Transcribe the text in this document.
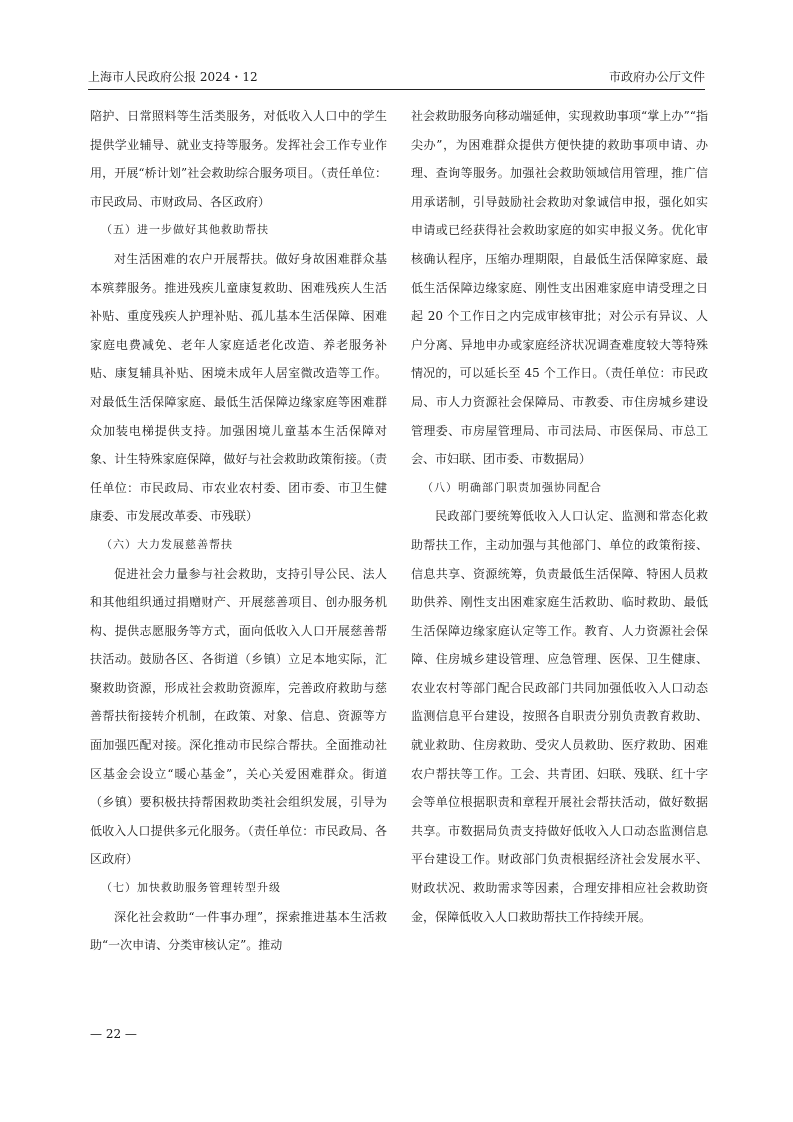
上海市人民政府公报 2024・12	市政府办公厅文件

陪护、日常照料等生活类服务，对低收入人口中的学生提供学业辅导、就业支持等服务。发挥社会工作专业作用，开展“桥计划”社会救助综合服务项目。（责任单位：市民政局、市财政局、各区政府）

（五）进一步做好其他救助帮扶

对生活困难的农户开展帮扶。做好身故困难群众基本殡葬服务。推进残疾儿童康复救助、困难残疾人生活补贴、重度残疾人护理补贴、孤儿基本生活保障、困难家庭电费减免、老年人家庭适老化改造、养老服务补贴、康复辅具补贴、困境未成年人居室微改造等工作。对最低生活保障家庭、最低生活保障边缘家庭等困难群众加装电梯提供支持。加强困境儿童基本生活保障对象、计生特殊家庭保障，做好与社会救助政策衔接。（责任单位：市民政局、市农业农村委、团市委、市卫生健康委、市发展改革委、市残联）

（六）大力发展慈善帮扶

促进社会力量参与社会救助，支持引导公民、法人和其他组织通过捐赠财产、开展慈善项目、创办服务机构、提供志愿服务等方式，面向低收入人口开展慈善帮扶活动。鼓励各区、各街道（乡镇）立足本地实际，汇聚救助资源，形成社会救助资源库，完善政府救助与慈善帮扶衔接转介机制，在政策、对象、信息、资源等方面加强匹配对接。深化推动市民综合帮扶。全面推动社区基金会设立“暖心基金”，关心关爱困难群众。街道（乡镇）要积极扶持帮困救助类社会组织发展，引导为低收入人口提供多元化服务。（责任单位：市民政局、各区政府）

（七）加快救助服务管理转型升级

深化社会救助“一件事办理”，探索推进基本生活救助“一次申请、分类审核认定”。推动

社会救助服务向移动端延伸，实现救助事项“掌上办”“指尖办”，为困难群众提供方便快捷的救助事项申请、办理、查询等服务。加强社会救助领域信用管理，推广信用承诺制，引导鼓励社会救助对象诚信申报，强化如实申请或已经获得社会救助家庭的如实申报义务。优化审核确认程序，压缩办理期限，自最低生活保障家庭、最低生活保障边缘家庭、刚性支出困难家庭申请受理之日起 20 个工作日之内完成审核审批；对公示有异议、人户分离、异地申办或家庭经济状况调查难度较大等特殊情况的，可以延长至 45 个工作日。（责任单位：市民政局、市人力资源社会保障局、市教委、市住房城乡建设管理委、市房屋管理局、市司法局、市医保局、市总工会、市妇联、团市委、市数据局）

（八）明确部门职责加强协同配合

民政部门要统筹低收入人口认定、监测和常态化救助帮扶工作，主动加强与其他部门、单位的政策衔接、信息共享、资源统筹，负责最低生活保障、特困人员救助供养、刚性支出困难家庭生活救助、临时救助、最低生活保障边缘家庭认定等工作。教育、人力资源社会保障、住房城乡建设管理、应急管理、医保、卫生健康、农业农村等部门配合民政部门共同加强低收入人口动态监测信息平台建设，按照各自职责分别负责教育救助、就业救助、住房救助、受灾人员救助、医疗救助、困难农户帮扶等工作。工会、共青团、妇联、残联、红十字会等单位根据职责和章程开展社会帮扶活动，做好数据共享。市数据局负责支持做好低收入人口动态监测信息平台建设工作。财政部门负责根据经济社会发展水平、财政状况、救助需求等因素，合理安排相应社会救助资金，保障低收入人口救助帮扶工作持续开展。

— 22 —
